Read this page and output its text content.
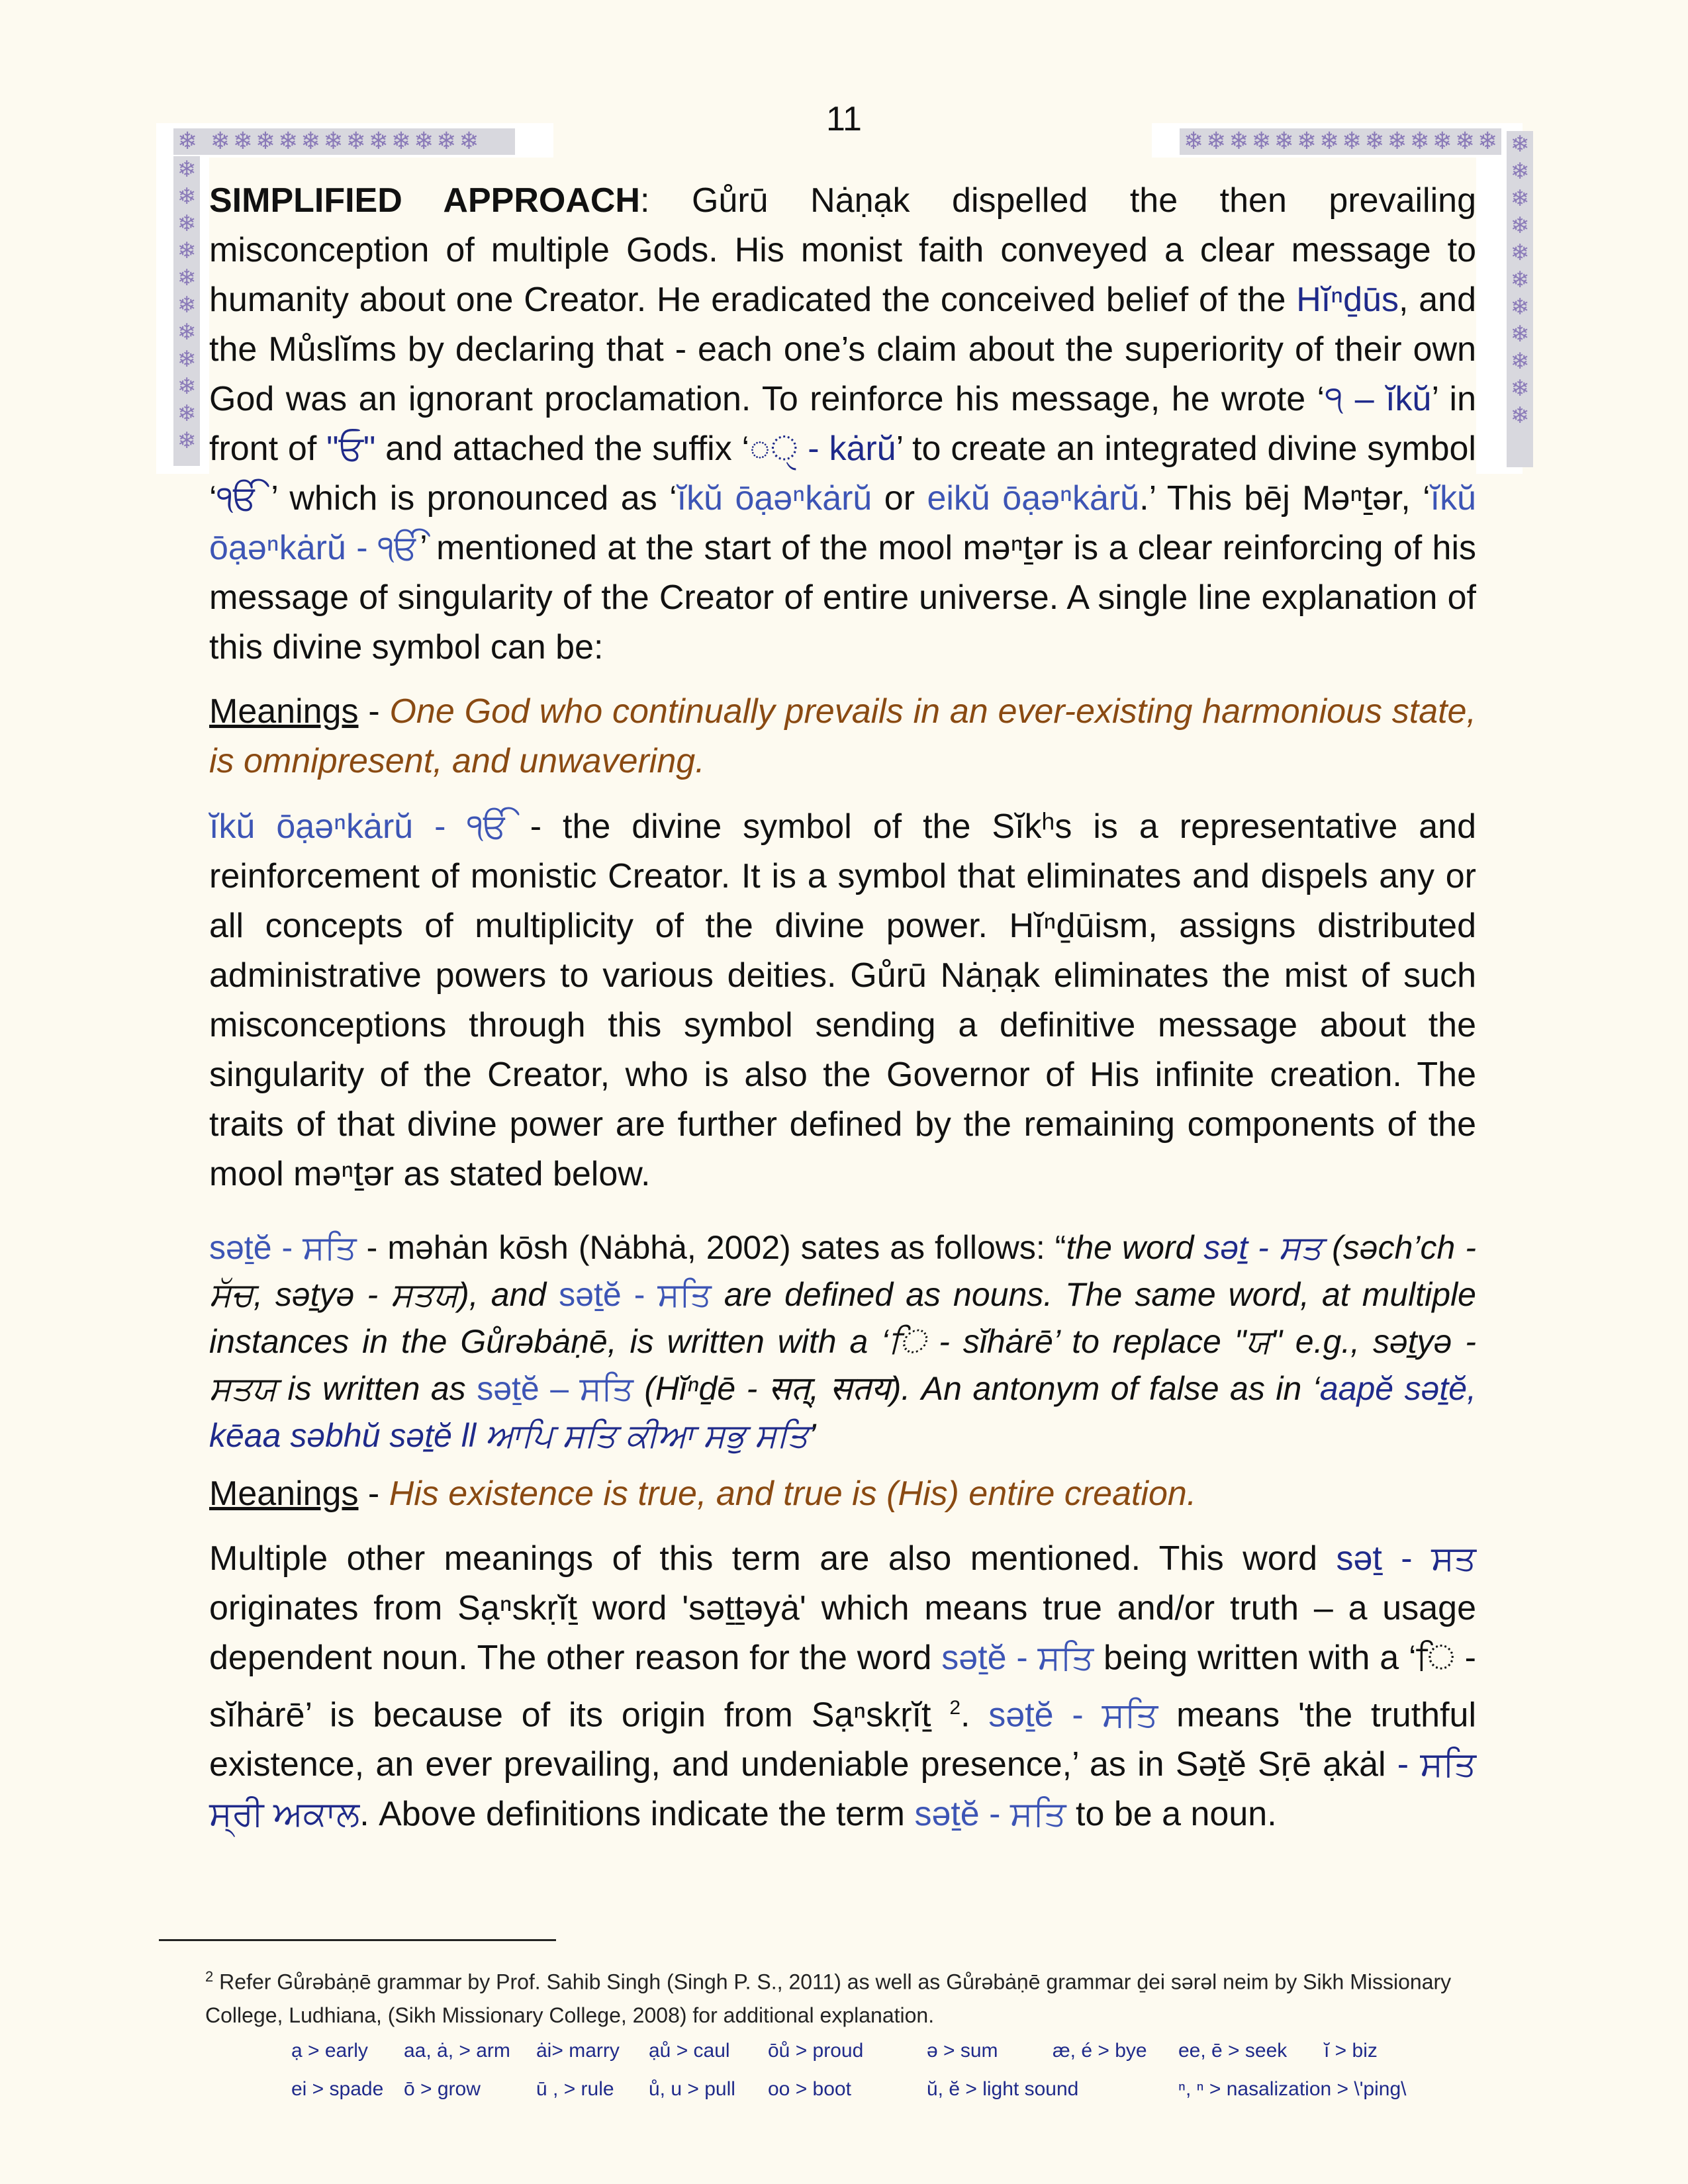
11
❄ ❄❄❄❄❄❄❄❄❄❄❄❄	❄❄❄❄❄❄❄❄❄❄❄❄❄❄
❄❄❄❄❄❄❄❄❄❄❄
❄❄❄❄❄❄❄❄❄❄❄

SIMPLIFIED APPROACH: Gůrū Nȧṇạk dispelled the then prevailing misconception of multiple Gods. His monist faith conveyed a clear message to humanity about one Creator. He eradicated the conceived belief of the Hĭⁿḏūs, and the Můslĭms by declaring that - each one’s claim about the superiority of their own God was an ignorant proclamation. To reinforce his message, he wrote ‘੧ – ĭkŭ’ in front of "ਓ" and attached the suffix ‘◌ੑ - kȧrŭ’ to create an integrated divine symbol ‘ੴ ’ which is pronounced as ‘ĭkŭ ōạəⁿkȧrŭ or eikŭ ōạəⁿkȧrŭ.’ This bēj Məⁿṯər, ‘ĭkŭ ōạəⁿkȧrŭ - ੴ’ mentioned at the start of the mool məⁿṯər is a clear reinforcing of his message of singularity of the Creator of entire universe. A single line explanation of this divine symbol can be:

Meanings - One God who continually prevails in an ever-existing harmonious state, is omnipresent, and unwavering.

ĭkŭ ōạəⁿkȧrŭ - ੴ - the divine symbol of the Sĭkʰs is a representative and reinforcement of monistic Creator. It is a symbol that eliminates and dispels any or all concepts of multiplicity of the divine power. Hĭⁿḏūism, assigns distributed administrative powers to various deities. Gůrū Nȧṇạk eliminates the mist of such misconceptions through this symbol sending a definitive message about the singularity of the Creator, who is also the Governor of His infinite creation. The traits of that divine power are further defined by the remaining components of the mool məⁿṯər as stated below.

səṯĕ - ਸਤਿ - məhȧn kōsh (Nȧbhȧ, 2002) sates as follows: “the word səṯ - ਸਤ (səch’ch - ਸੱਚ, səṯyə - ਸਤਯ), and səṯĕ - ਸਤਿ are defined as nouns. The same word, at multiple instances in the Gůrəbȧṇē, is written with a ‘ਿ - sĭhȧrē’ to replace "ਯ" e.g., səṯyə - ਸਤਯ is written as səṯĕ – ਸਤਿ (Hĭⁿḏē - सत्, सतय). An antonym of false as in ‘aapĕ səṯĕ, kēaa səbhŭ səṯĕ ll ਆਪਿ ਸਤਿ ਕੀਆ ਸਭੁ ਸਤਿ’

Meanings - His existence is true, and true is (His) entire creation.

Multiple other meanings of this term are also mentioned. This word səṯ - ਸਤ originates from Sạⁿskṛĭṯ word 'səṯṯəyȧ' which means true and/or truth – a usage dependent noun. The other reason for the word səṯĕ - ਸਤਿ being written with a ‘ਿ - sĭhȧrē’ is because of its origin from Sạⁿskṛĭṯ $^2$. səṯĕ - ਸਤਿ means 'the truthful existence, an ever prevailing, and undeniable presence,’ as in Səṯĕ Sṛē ạkȧl - ਸਤਿ ਸ੍ਰੀ ਅਕਾਲ. Above definitions indicate the term səṯĕ - ਸਤਿ to be a noun.

$^2$ Refer Gůrəbȧṇē grammar by Prof. Sahib Singh (Singh P. S., 2011) as well as Gůrəbȧṇē grammar ḏei sərəl neim by Sikh Missionary College, Ludhiana, (Sikh Missionary College, 2008) for additional explanation.
ạ > early	aa, ȧ, > arm	ȧi> marry	ạů > caul	ōů > proud	ə > sum	æ, é > bye	ee, ē > seek	ĭ > biz
ei > spade	ō > grow	ū , > rule	ů, u > pull	oo > boot	ŭ, ĕ > light sound	ⁿ, ⁿ > nasalization > \'ping\
